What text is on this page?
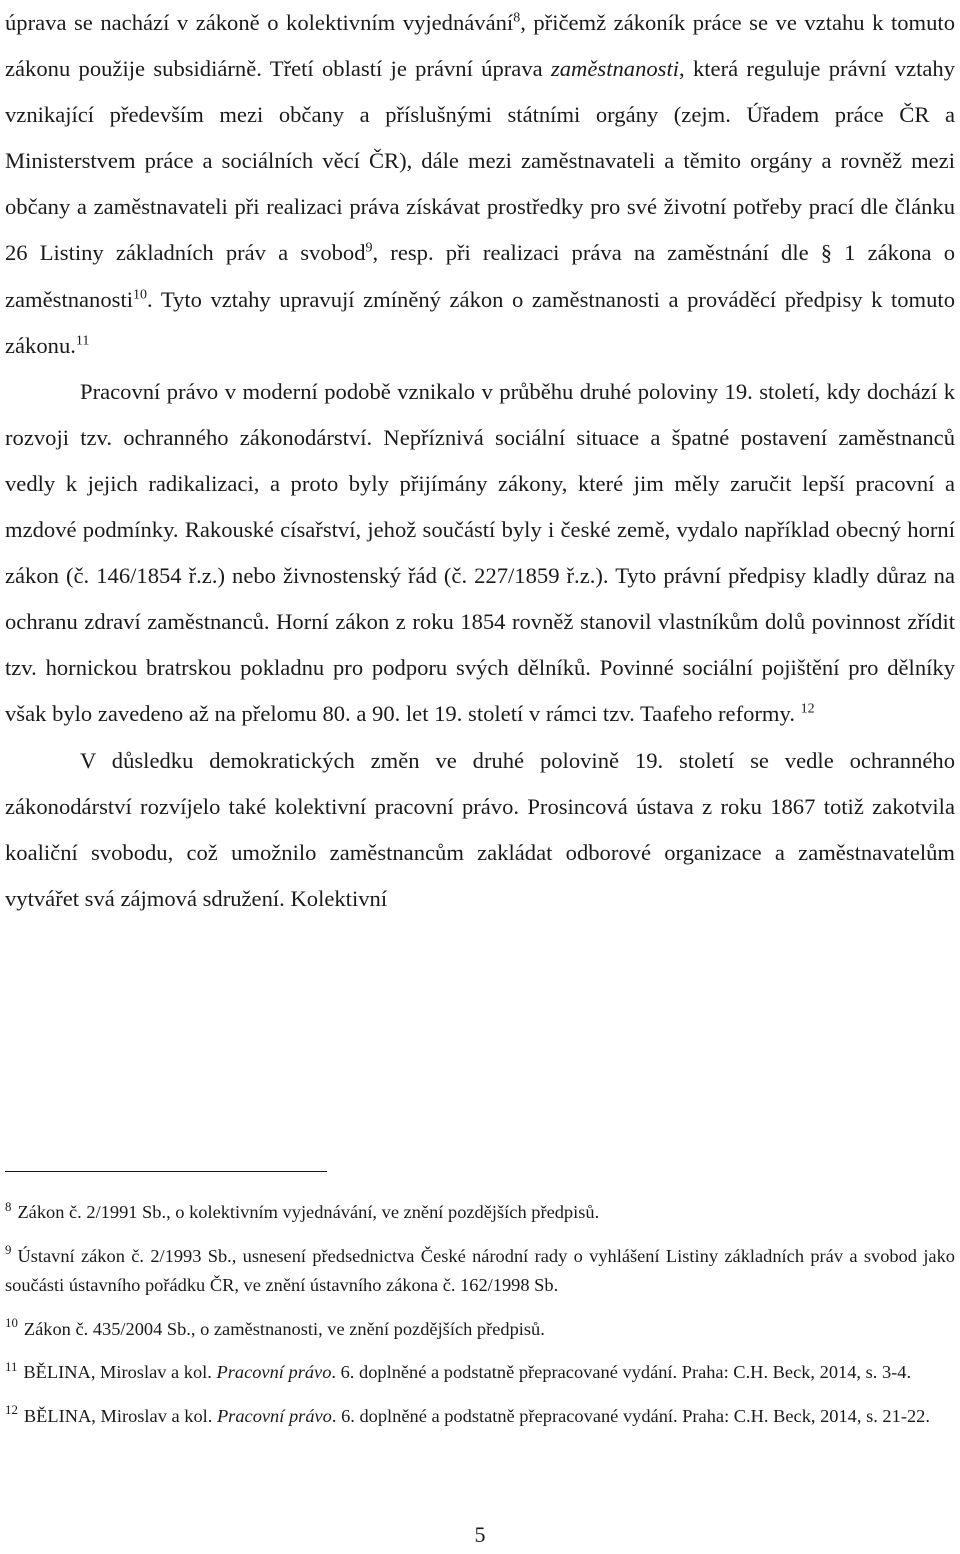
úprava se nachází v zákoně o kolektivním vyjednávání$^8$, přičemž zákoník práce se ve vztahu k tomuto zákonu použije subsidiárně. Třetí oblastí je právní úprava zaměstnanosti, která reguluje právní vztahy vznikající především mezi občany a příslušnými státními orgány (zejm. Úřadem práce ČR a Ministerstvem práce a sociálních věcí ČR), dále mezi zaměstnavateli a těmito orgány a rovněž mezi občany a zaměstnavateli při realizaci práva získávat prostředky pro své životní potřeby prací dle článku 26 Listiny základních práv a svobod$^9$, resp. při realizaci práva na zaměstnání dle § 1 zákona o zaměstnanosti$^{10}$. Tyto vztahy upravují zmíněný zákon o zaměstnanosti a prováděcí předpisy k tomuto zákonu.$^{11}$

Pracovní právo v moderní podobě vznikalo v průběhu druhé poloviny 19. století, kdy dochází k rozvoji tzv. ochranného zákonodárství. Nepříznivá sociální situace a špatné postavení zaměstnanců vedly k jejich radikalizaci, a proto byly přijímány zákony, které jim měly zaručit lepší pracovní a mzdové podmínky. Rakouské císařství, jehož součástí byly i české země, vydalo například obecný horní zákon (č. 146/1854 ř.z.) nebo živnostenský řád (č. 227/1859 ř.z.). Tyto právní předpisy kladly důraz na ochranu zdraví zaměstnanců. Horní zákon z roku 1854 rovněž stanovil vlastníkům dolů povinnost zřídit tzv. hornickou bratrskou pokladnu pro podporu svých dělníků. Povinné sociální pojištění pro dělníky však bylo zavedeno až na přelomu 80. a 90. let 19. století v rámci tzv. Taafeho reformy. $^{12}$

V důsledku demokratických změn ve druhé polovině 19. století se vedle ochranného zákonodárství rozvíjelo také kolektivní pracovní právo. Prosincová ústava z roku 1867 totiž zakotvila koaliční svobodu, což umožnilo zaměstnancům zakládat odborové organizace a zaměstnavatelům vytvářet svá zájmová sdružení. Kolektivní

$^8$ Zákon č. 2/1991 Sb., o kolektivním vyjednávání, ve znění pozdějších předpisů.
$^9$ Ústavní zákon č. 2/1993 Sb., usnesení předsednictva České národní rady o vyhlášení Listiny základních práv a svobod jako součásti ústavního pořádku ČR, ve znění ústavního zákona č. 162/1998 Sb.
$^{10}$ Zákon č. 435/2004 Sb., o zaměstnanosti, ve znění pozdějších předpisů.
$^{11}$ BĚLINA, Miroslav a kol. Pracovní právo. 6. doplněné a podstatně přepracované vydání. Praha: C.H. Beck, 2014, s. 3-4.
$^{12}$ BĚLINA, Miroslav a kol. Pracovní právo. 6. doplněné a podstatně přepracované vydání. Praha: C.H. Beck, 2014, s. 21-22.
5
